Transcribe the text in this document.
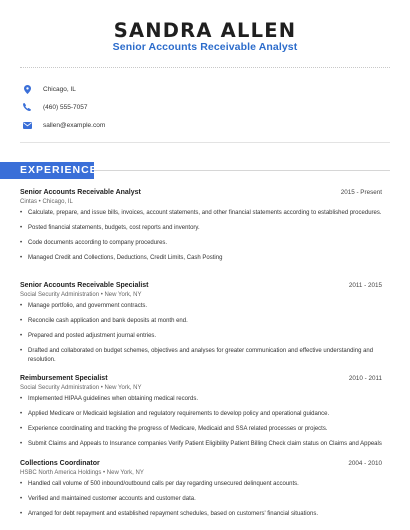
SANDRA ALLEN
Senior Accounts Receivable Analyst
Chicago, IL
(460) 555-7057
sallen@example.com
EXPERIENCE
Senior Accounts Receivable Analyst	2015 - Present
Cintas • Chicago, IL
• Calculate, prepare, and issue bills, invoices, account statements, and other financial statements according to established procedures.
• Posted financial statements, budgets, cost reports and inventory.
• Code documents according to company procedures.
• Managed Credit and Collections, Deductions, Credit Limits, Cash Posting
Senior Accounts Receivable Specialist	2011 - 2015
Social Security Administration • New York, NY
• Manage portfolio, and government contracts.
• Reconcile cash application and bank deposits at month end.
• Prepared and posted adjustment journal entries.
• Drafted and collaborated on budget schemes, objectives and analyses for greater communication and effective understanding and resolution.
Reimbursement Specialist	2010 - 2011
Social Security Administration • New York, NY
• Implemented HIPAA guidelines when obtaining medical records.
• Applied Medicare or Medicaid legislation and regulatory requirements to develop policy and operational guidance.
• Experience coordinating and tracking the progress of Medicare, Medicaid and SSA related processes or projects.
• Submit Claims and Appeals to Insurance companies Verify Patient Eligibility Patient Billing Check claim status on Claims and Appeals
Collections Coordinator	2004 - 2010
HSBC North America Holdings • New York, NY
• Handled call volume of 500 inbound/outbound calls per day regarding unsecured delinquent accounts.
• Verified and maintained customer accounts and customer data.
• Arranged for debt repayment and established repayment schedules, based on customers' financial situations.
